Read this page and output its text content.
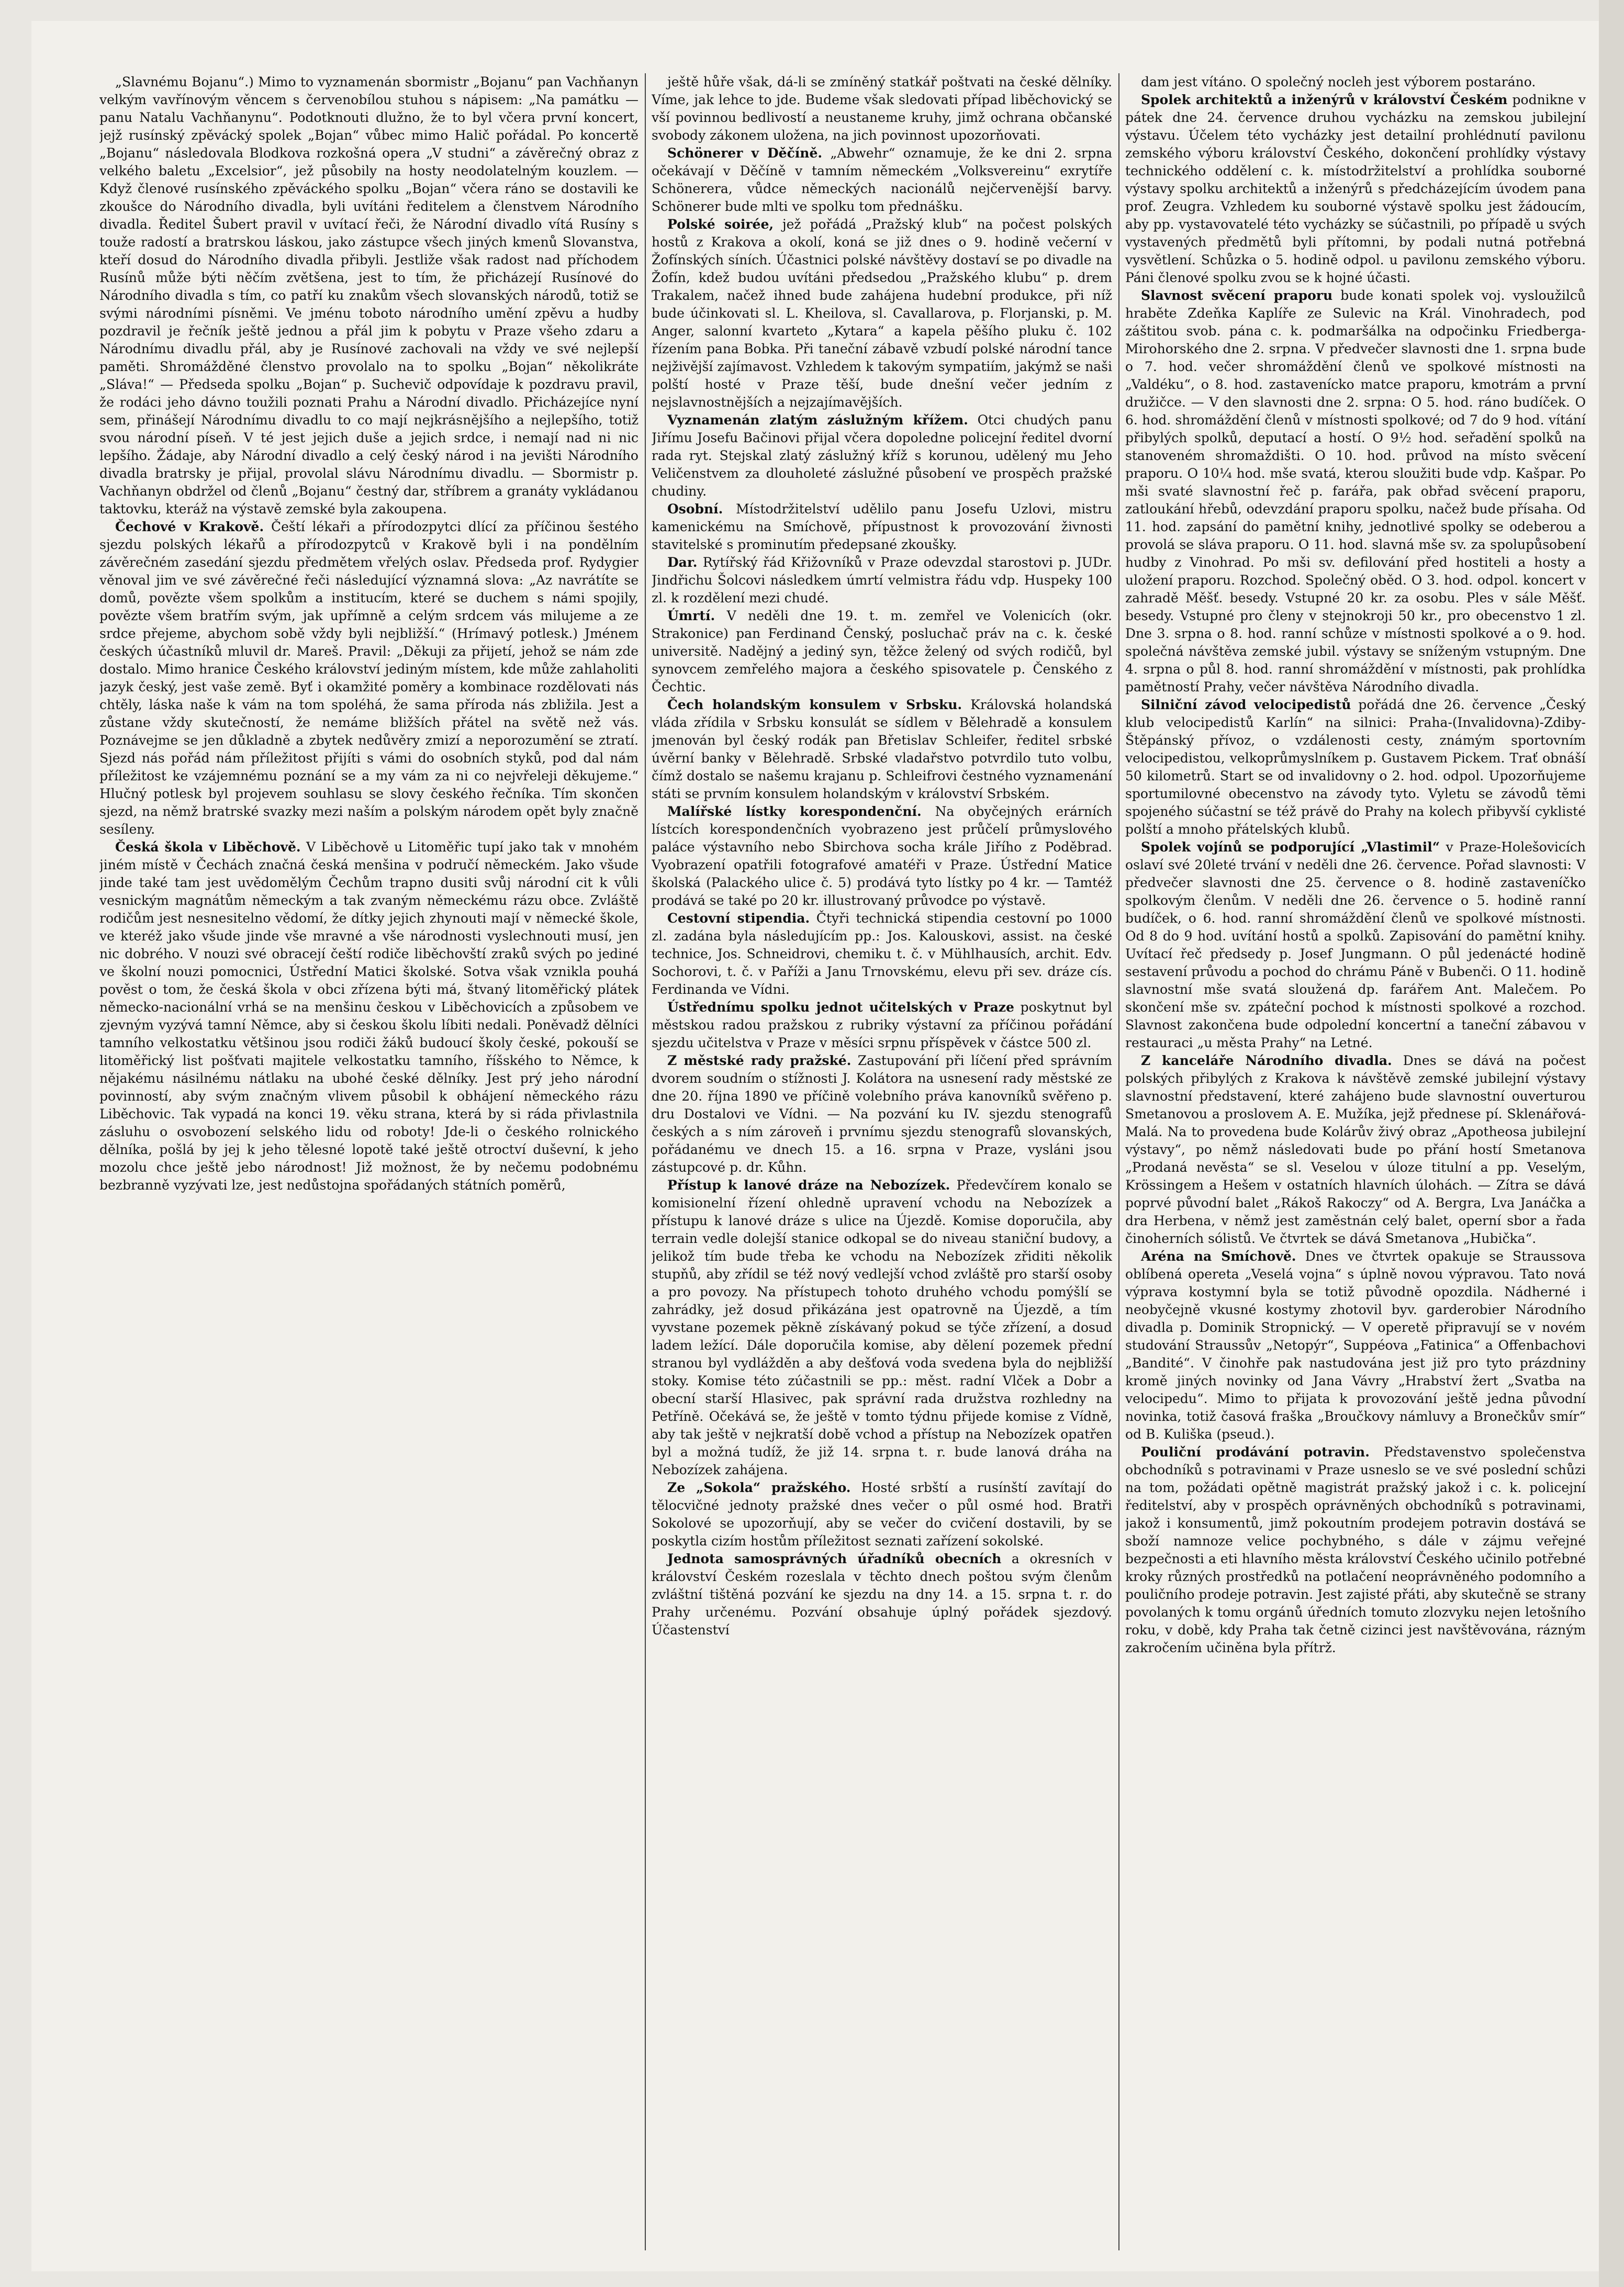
„Slavnému Bojanu“.) Mimo to vyznamenán sbormistr „Bojanu“ pan Vachňanyn velkým vavřínovým věncem s červenobílou stuhou s nápisem: „Na památku — panu Natalu Vachňanynu“. Podotknouti dlužno, že to byl včera první koncert, jejž rusínský zpěvácký spolek „Bojan“ vůbec mimo Halič pořádal. Po koncertě „Bojanu“ následovala Blodkova rozkošná opera „V studni“ a závěrečný obraz z velkého baletu „Excelsior“, jež působily na hosty neodolatelným kouzlem. — Když členové rusínského zpěváckého spolku „Bojan“ včera ráno se dostavili ke zkoušce do Národního divadla, byli uvítáni ředitelem a členstvem Národního divadla. Ředitel Šubert pravil v uvítací řeči, že Národní divadlo vítá Rusíny s touže radostí a bratrskou láskou, jako zástupce všech jiných kmenů Slovanstva, kteří dosud do Národního divadla přibyli. Jestliže však radost nad příchodem Rusínů může býti něčím zvětšena, jest to tím, že přicházejí Rusínové do Národního divadla s tím, co patří ku znakům všech slovanských národů, totiž se svými národními písněmi. Ve jménu toboto národního umění zpěvu a hudby pozdravil je řečník ještě jednou a přál jim k pobytu v Praze všeho zdaru a Národnímu divadlu přál, aby je Rusínové zachovali na vždy ve své nejlepší paměti. Shromážděné členstvo provolalo na to spolku „Bojan“ několikráte „Sláva!“ — Předseda spolku „Bojan“ p. Suchevič odpovídaje k pozdravu pravil, že rodáci jeho dávno toužili poznati Prahu a Národní divadlo. Přicházejíce nyní sem, přinášejí Národnímu divadlu to co mají nejkrásnějšího a nejlepšího, totiž svou národní píseň. V té jest jejich duše a jejich srdce, i nemají nad ni nic lepšího. Žádaje, aby Národní divadlo a celý český národ i na jevišti Národního divadla bratrsky je přijal, provolal slávu Národnímu divadlu. — Sbormistr p. Vachňanyn obdržel od členů „Bojanu“ čestný dar, stříbrem a granáty vykládanou taktovku, kteráž na výstavě zemské byla zakoupena.

Čechové v Krakově. Čeští lékaři a přírodozpytci dlící za příčinou šestého sjezdu polských lékařů a přírodozpytců v Krakově byli i na pondělním závěrečném zasedání sjezdu předmětem vřelých oslav. Předseda prof. Rydygier věnoval jim ve své závěrečné řeči následující významná slova: „Az navrátíte se domů, povězte všem spolkům a institucím, které se duchem s námi spojily, povězte všem bratřím svým, jak upřímně a celým srdcem vás milujeme a ze srdce přejeme, abychom sobě vždy byli nejbližší.“ (Hrímavý potlesk.) Jménem českých účastníků mluvil dr. Mareš. Pravil: „Děkuji za přijetí, jehož se nám zde dostalo. Mimo hranice Českého království jediným místem, kde může zahlaholiti jazyk český, jest vaše země. Byť i okamžité poměry a kombinace rozdělovati nás chtěly, láska naše k vám na tom spoléhá, že sama příroda nás zbližila. Jest a zůstane vždy skutečností, že nemáme bližších přátel na světě než vás. Poznávejme se jen důkladně a zbytek nedůvěry zmizí a neporozumění se ztratí. Sjezd nás pořád nám příležitost přijíti s vámi do osobních styků, pod dal nám příležitost ke vzájemnému poznání se a my vám za ni co nejvřeleji děkujeme.“ Hlučný potlesk byl projevem souhlasu se slovy českého řečníka. Tím skončen sjezd, na němž bratrské svazky mezi naším a polským národem opět byly značně sesíleny.

Česká škola v Liběchově. V Liběchově u Litoměřic tupí jako tak v mnohém jiném místě v Čechách značná česká menšina v područí německém. Jako všude jinde také tam jest uvědomělým Čechům trapno dusiti svůj národní cit k vůli vesnickým magnátům německým a tak zvaným německému rázu obce. Zvláště rodičům jest nesnesitelno vědomí, že dítky jejich zhynouti mají v německé škole, ve kteréž jako všude jinde vše mravné a vše národnosti vyslechnouti musí, jen nic dobrého. V nouzi své obracejí čeští rodiče liběchovští zraků svých po jediné ve školní nouzi pomocnici, Ústřední Matici školské. Sotva však vznikla pouhá pověst o tom, že česká škola v obci zřízena býti má, štvaný litoměřický plátek německo-nacionální vrhá se na menšinu českou v Liběchovicích a způsobem ve zjevným vyzývá tamní Němce, aby si českou školu líbiti nedali. Poněvadž dělníci tamního velkostatku většinou jsou rodiči žáků budoucí školy české, pokouší se litoměřický list pošťvati majitele velkostatku tamního, říšského to Němce, k nějakému násilnému nátlaku na ubohé české dělníky. Jest prý jeho národní povinností, aby svým značným vlivem působil k obhájení německého rázu Liběchovic. Tak vypadá na konci 19. věku strana, která by si ráda přivlastnila zásluhu o osvobození selského lidu od roboty! Jde-li o českého rolnického dělníka, pošlá by jej k jeho tělesné lopotě také ještě otroctví duševní, k jeho mozolu chce ještě jebo národnost! Již možnost, že by nečemu podobnému bezbranně vyzývati lze, jest nedůstojna spořádaných státních poměrů,

ještě hůře však, dá-li se zmíněný statkář poštvati na české dělníky. Víme, jak lehce to jde. Budeme však sledovati případ liběchovický se vší povinnou bedlivostí a neustaneme kruhy, jimž ochrana občanské svobody zákonem uložena, na jich povinnost upozorňovati.

Schönerer v Děčíně. „Abwehr“ oznamuje, že ke dni 2. srpna očekávají v Děčíně v tamním německém „Volksvereinu“ exrytíře Schönerera, vůdce německých nacionálů nejčervenější barvy. Schönerer bude mlti ve spolku tom přednášku.

Polské soirée, jež pořádá „Pražský klub“ na počest polských hostů z Krakova a okolí, koná se již dnes o 9. hodině večerní v Žofínských síních. Účastnici polské návštěvy dostaví se po divadle na Žofín, kdež budou uvítáni předsedou „Pražského klubu“ p. drem Trakalem, načež ihned bude zahájena hudební produkce, při níž bude účinkovati sl. L. Kheilova, sl. Cavallarova, p. Florjanski, p. M. Anger, salonní kvarteto „Kytara“ a kapela pěšího pluku č. 102 řízením pana Bobka. Při taneční zábavě vzbudí polské národní tance nejživější zajímavost. Vzhledem k takovým sympatiím, jakýmž se naši polští hosté v Praze těší, bude dnešní večer jedním z nejslavnostnějších a nejzajímavějších.

Vyznamenán zlatým záslužným křížem. Otci chudých panu Jiřímu Josefu Bačinovi přijal včera dopoledne policejní ředitel dvorní rada ryt. Stejskal zlatý záslužný kříž s korunou, udělený mu Jeho Veličenstvem za dlouholeté záslužné působení ve prospěch pražské chudiny.

Osobní. Místodržitelství udělilo panu Josefu Uzlovi, mistru kamenickému na Smíchově, přípustnost k provozování živnosti stavitelské s prominutím předepsané zkoušky.

Dar. Rytířský řád Křižovníků v Praze odevzdal starostovi p. JUDr. Jindřichu Šolcovi následkem úmrtí velmistra řádu vdp. Huspeky 100 zl. k rozdělení mezi chudé.

Úmrtí. V neděli dne 19. t. m. zemřel ve Volenicích (okr. Strakonice) pan Ferdinand Čenský, posluchač práv na c. k. české universitě. Nadějný a jediný syn, těžce želený od svých rodičů, byl synovcem zemřelého majora a českého spisovatele p. Čenského z Čechtic.

Čech holandským konsulem v Srbsku. Královská holandská vláda zřídila v Srbsku konsulát se sídlem v Bělehradě a konsulem jmenován byl český rodák pan Břetislav Schleifer, ředitel srbské úvěrní banky v Bělehradě. Srbské vladařstvo potvrdilo tuto volbu, čímž dostalo se našemu krajanu p. Schleifrovi čestného vyznamenání státi se prvním konsulem holandským v království Srbském.

Malířské lístky korespondenční. Na obyčejných erárních lístcích korespondenčních vyobrazeno jest průčelí průmyslového paláce výstavního nebo Sbirchova socha krále Jiřího z Poděbrad. Vyobrazení opatřili fotografové amatéři v Praze. Ústřední Matice školská (Palackého ulice č. 5) prodává tyto lístky po 4 kr. — Tamtéž prodává se také po 20 kr. illustrovaný průvodce po výstavě.

Cestovní stipendia. Čtyři technická stipendia cestovní po 1000 zl. zadána byla následujícím pp.: Jos. Kalouskovi, assist. na české technice, Jos. Schneidrovi, chemiku t. č. v Mühlhausích, archit. Edv. Sochorovi, t. č. v Paříži a Janu Trnovskému, elevu při sev. dráze cís. Ferdinanda ve Vídni.

Ústřednímu spolku jednot učitelských v Praze poskytnut byl městskou radou pražskou z rubriky výstavní za příčinou pořádání sjezdu učitelstva v Praze v měsíci srpnu příspěvek v částce 500 zl.

Z městské rady pražské. Zastupování při líčení před správním dvorem soudním o stížnosti J. Kolátora na usnesení rady městské ze dne 20. října 1890 ve příčině volebního práva kanovníků svěřeno p. dru Dostalovi ve Vídni. — Na pozvání ku IV. sjezdu stenografů českých a s ním zároveň i prvnímu sjezdu stenografů slovanských, pořádanému ve dnech 15. a 16. srpna v Praze, vysláni jsou zástupcové p. dr. Kůhn.

Přístup k lanové dráze na Nebozízek. Předevčírem konalo se komisionelní řízení ohledně upravení vchodu na Nebozízek a přístupu k lanové dráze s ulice na Újezdě. Komise doporučila, aby terrain vedle dolejší stanice odkopal se do niveau staniční budovy, a jelikož tím bude třeba ke vchodu na Nebozízek zřiditi několik stupňů, aby zřídil se též nový vedlejší vchod zvláště pro starší osoby a pro povozy. Na přístupech tohoto druhého vchodu pomýšlí se zahrádky, jež dosud přikázána jest opatrovně na Újezdě, a tím vyvstane pozemek pěkně získávaný pokud se týče zřízení, a dosud ladem ležící. Dále doporučila komise, aby dělení pozemek přední stranou byl vydlážděn a aby dešťová voda svedena byla do nejbližší stoky. Komise této zúčastnili se pp.: měst. radní Vlček a Dobr a obecní starší Hlasivec, pak správní rada družstva rozhledny na Petříně. Očekává se, že ještě v tomto týdnu přijede komise z Vídně, aby tak ještě v nejkratší době vchod a přístup na Nebozízek opatřen byl a možná tudíž, že již 14. srpna t. r. bude lanová dráha na Nebozízek zahájena.

Ze „Sokola“ pražského. Hosté srbští a rusínští zavítají do tělocvičné jednoty pražské dnes večer o půl osmé hod. Bratři Sokolové se upozorňují, aby se večer do cvičení dostavili, by se poskytla cizím hostům příležitost seznati zařízení sokolské.

Jednota samosprávných úřadníků obecních a okresních v království Českém rozeslala v těchto dnech poštou svým členům zvláštní tištěná pozvání ke sjezdu na dny 14. a 15. srpna t. r. do Prahy určenému. Pozvání obsahuje úplný pořádek sjezdový. Účastenství

dam jest vítáno. O společný nocleh jest výborem postaráno.

Spolek architektů a inženýrů v království Českém podnikne v pátek dne 24. července druhou vycházku na zemskou jubilejní výstavu. Účelem této vycházky jest detailní prohlédnutí pavilonu zemského výboru království Českého, dokončení prohlídky výstavy technického oddělení c. k. místodržitelství a prohlídka souborné výstavy spolku architektů a inženýrů s předcházejícím úvodem pana prof. Zeugra. Vzhledem ku souborné výstavě spolku jest žádoucím, aby pp. vystavovatelé této vycházky se súčastnili, po případě u svých vystavených předmětů byli přítomni, by podali nutná potřebná vysvětlení. Schůzka o 5. hodině odpol. u pavilonu zemského výboru. Páni členové spolku zvou se k hojné účasti.

Slavnost svěcení praporu bude konati spolek voj. vysloužilců hraběte Zdeňka Kaplíře ze Sulevic na Král. Vinohradech, pod záštitou svob. pána c. k. podmaršálka na odpočinku Friedberga-Mirohorského dne 2. srpna. V předvečer slavnosti dne 1. srpna bude o 7. hod. večer shromáždění členů ve spolkové místnosti na „Valdéku“, o 8. hod. zastavenícko matce praporu, kmotrám a první družičce. — V den slavnosti dne 2. srpna: O 5. hod. ráno budíček. O 6. hod. shromáždění členů v místnosti spolkové; od 7 do 9 hod. vítání přibylých spolků, deputací a hostí. O 9½ hod. seřadění spolků na stanoveném shromaždišti. O 10. hod. průvod na místo svěcení praporu. O 10¼ hod. mše svatá, kterou sloužiti bude vdp. Kašpar. Po mši svaté slavnostní řeč p. farářa, pak obřad svěcení praporu, zatloukání hřebů, odevzdání praporu spolku, načež bude přísaha. Od 11. hod. zapsání do pamětní knihy, jednotlivé spolky se odeberou a provolá se sláva praporu. O 11. hod. slavná mše sv. za spolupůsobení hudby z Vinohrad. Po mši sv. defilování před hostiteli a hosty a uložení praporu. Rozchod. Společný oběd. O 3. hod. odpol. koncert v zahradě Měšť. besedy. Vstupné 20 kr. za osobu. Ples v sále Měšť. besedy. Vstupné pro členy v stejnokroji 50 kr., pro obecenstvo 1 zl. Dne 3. srpna o 8. hod. ranní schůze v místnosti spolkové a o 9. hod. společná návštěva zemské jubil. výstavy se sníženým vstupným. Dne 4. srpna o půl 8. hod. ranní shromáždění v místnosti, pak prohlídka pamětností Prahy, večer návštěva Národního divadla.

Silniční závod velocipedistů pořádá dne 26. července „Český klub velocipedistů Karlín“ na silnici: Praha-(Invalidovna)-Zdiby-Štěpánský přívoz, o vzdálenosti cesty, známým sportovním velocipedistou, velkoprůmyslníkem p. Gustavem Pickem. Trať obnáší 50 kilometrů. Start se od invalidovny o 2. hod. odpol. Upozorňujeme sportumilovné obecenstvo na závody tyto. Vyletu se závodů těmi spojeného súčastní se též právě do Prahy na kolech přibyvší cyklisté polští a mnoho přátelských klubů.

Spolek vojínů se podporující „Vlastimil“ v Praze-Holešovicích oslaví své 20leté trvání v neděli dne 26. července. Pořad slavnosti: V předvečer slavnosti dne 25. července o 8. hodině zastaveníčko spolkovým členům. V neděli dne 26. července o 5. hodině ranní budíček, o 6. hod. ranní shromáždění členů ve spolkové místnosti. Od 8 do 9 hod. uvítání hostů a spolků. Zapisování do pamětní knihy. Uvítací řeč předsedy p. Josef Jungmann. O půl jedenácté hodině sestavení průvodu a pochod do chrámu Páně v Bubenči. O 11. hodině slavnostní mše svatá sloužená dp. farářem Ant. Malečem. Po skončení mše sv. zpáteční pochod k místnosti spolkové a rozchod. Slavnost zakončena bude odpolední koncertní a taneční zábavou v restauraci „u města Prahy“ na Letné.

Z kanceláře Národního divadla. Dnes se dává na počest polských přibylých z Krakova k návštěvě zemské jubilejní výstavy slavnostní představení, které zahájeno bude slavnostní ouverturou Smetanovou a proslovem A. E. Mužíka, jejž přednese pí. Sklenářová-Malá. Na to provedena bude Kolárův živý obraz „Apotheosa jubilejní výstavy“, po němž následovati bude po přání hostí Smetanova „Prodaná nevěsta“ se sl. Veselou v úloze titulní a pp. Veselým, Krössingem a Hešem v ostatních hlavních úlohách. — Zítra se dává poprvé původní balet „Rákoš Rakoczy“ od A. Bergra, Lva Janáčka a dra Herbena, v němž jest zaměstnán celý balet, operní sbor a řada činoherních sólistů. Ve čtvrtek se dává Smetanova „Hubička“.

Aréna na Smíchově. Dnes ve čtvrtek opakuje se Straussova oblíbená opereta „Veselá vojna“ s úplně novou výpravou. Tato nová výprava kostymní byla se totiž původně opozdila. Nádherné i neobyčejně vkusné kostymy zhotovil byv. garderobier Národního divadla p. Dominik Stropnický. — V operetě připravují se v novém studování Straussův „Netopýr“, Suppéova „Fatinica“ a Offenbachovi „Bandité“. V činohře pak nastudována jest již pro tyto prázdniny kromě jiných novinky od Jana Vávry „Hrabství žert „Svatba na velocipedu“. Mimo to přijata k provozování ještě jedna původní novinka, totiž časová fraška „Broučkovy námluvy a Bronečkův smír“ od B. Kuliška (pseud.).

Pouliční prodávání potravin. Představenstvo společenstva obchodníků s potravinami v Praze usneslo se ve své poslední schůzi na tom, požádati opětně magistrát pražský jakož i c. k. policejní ředitelství, aby v prospěch oprávněných obchodníků s potravinami, jakož i konsumentů, jimž pokoutním prodejem potravin dostává se sboží namnoze velice pochybného, s dále v zájmu veřejné bezpečnosti a eti hlavního města království Českého učinilo potřebné kroky různých prostředků na potlačení neoprávněného podomního a pouličního prodeje potravin. Jest zajisté přáti, aby skutečně se strany povolaných k tomu orgánů úředních tomuto zlozvyku nejen letošního roku, v době, kdy Praha tak četně cizinci jest navštěvována, rázným zakročením učiněna byla přítrž.
